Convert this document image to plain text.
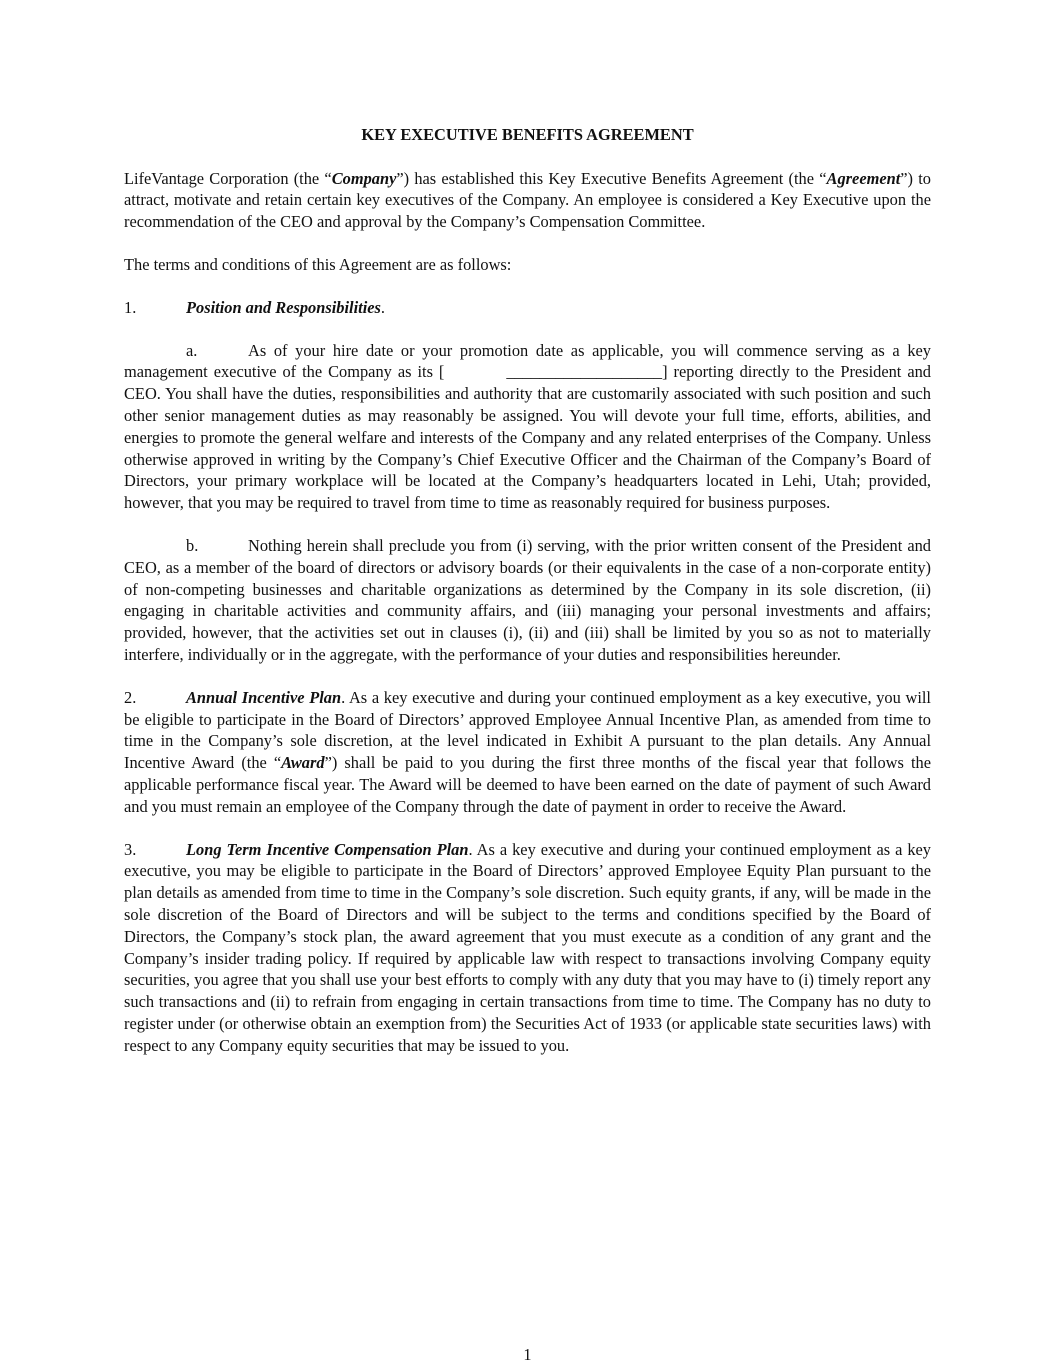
KEY EXECUTIVE BENEFITS AGREEMENT

LifeVantage Corporation (the “Company”) has established this Key Executive Benefits Agreement (the “Agreement”) to attract, motivate and retain certain key executives of the Company. An employee is considered a Key Executive upon the recommendation of the CEO and approval by the Company’s Compensation Committee.

The terms and conditions of this Agreement are as follows:

1.	Position and Responsibilities.

a.	As of your hire date or your promotion date as applicable, you will commence serving as a key management executive of the Company as its [	___________________] reporting directly to the President and CEO. You shall have the duties, responsibilities and authority that are customarily associated with such position and such other senior management duties as may reasonably be assigned. You will devote your full time, efforts, abilities, and energies to promote the general welfare and interests of the Company and any related enterprises of the Company. Unless otherwise approved in writing by the Company’s Chief Executive Officer and the Chairman of the Company’s Board of Directors, your primary workplace will be located at the Company’s headquarters located in Lehi, Utah; provided, however, that you may be required to travel from time to time as reasonably required for business purposes.

b.	Nothing herein shall preclude you from (i) serving, with the prior written consent of the President and CEO, as a member of the board of directors or advisory boards (or their equivalents in the case of a non-corporate entity) of non-competing businesses and charitable organizations as determined by the Company in its sole discretion, (ii) engaging in charitable activities and community affairs, and (iii) managing your personal investments and affairs; provided, however, that the activities set out in clauses (i), (ii) and (iii) shall be limited by you so as not to materially interfere, individually or in the aggregate, with the performance of your duties and responsibilities hereunder.

2.	Annual Incentive Plan. As a key executive and during your continued employment as a key executive, you will be eligible to participate in the Board of Directors’ approved Employee Annual Incentive Plan, as amended from time to time in the Company’s sole discretion, at the level indicated in Exhibit A pursuant to the plan details. Any Annual Incentive Award (the “Award”) shall be paid to you during the first three months of the fiscal year that follows the applicable performance fiscal year. The Award will be deemed to have been earned on the date of payment of such Award and you must remain an employee of the Company through the date of payment in order to receive the Award.

3.	Long Term Incentive Compensation Plan. As a key executive and during your continued employment as a key executive, you may be eligible to participate in the Board of Directors’ approved Employee Equity Plan pursuant to the plan details as amended from time to time in the Company’s sole discretion. Such equity grants, if any, will be made in the sole discretion of the Board of Directors and will be subject to the terms and conditions specified by the Board of Directors, the Company’s stock plan, the award agreement that you must execute as a condition of any grant and the Company’s insider trading policy. If required by applicable law with respect to transactions involving Company equity securities, you agree that you shall use your best efforts to comply with any duty that you may have to (i) timely report any such transactions and (ii) to refrain from engaging in certain transactions from time to time. The Company has no duty to register under (or otherwise obtain an exemption from) the Securities Act of 1933 (or applicable state securities laws) with respect to any Company equity securities that may be issued to you.

1
